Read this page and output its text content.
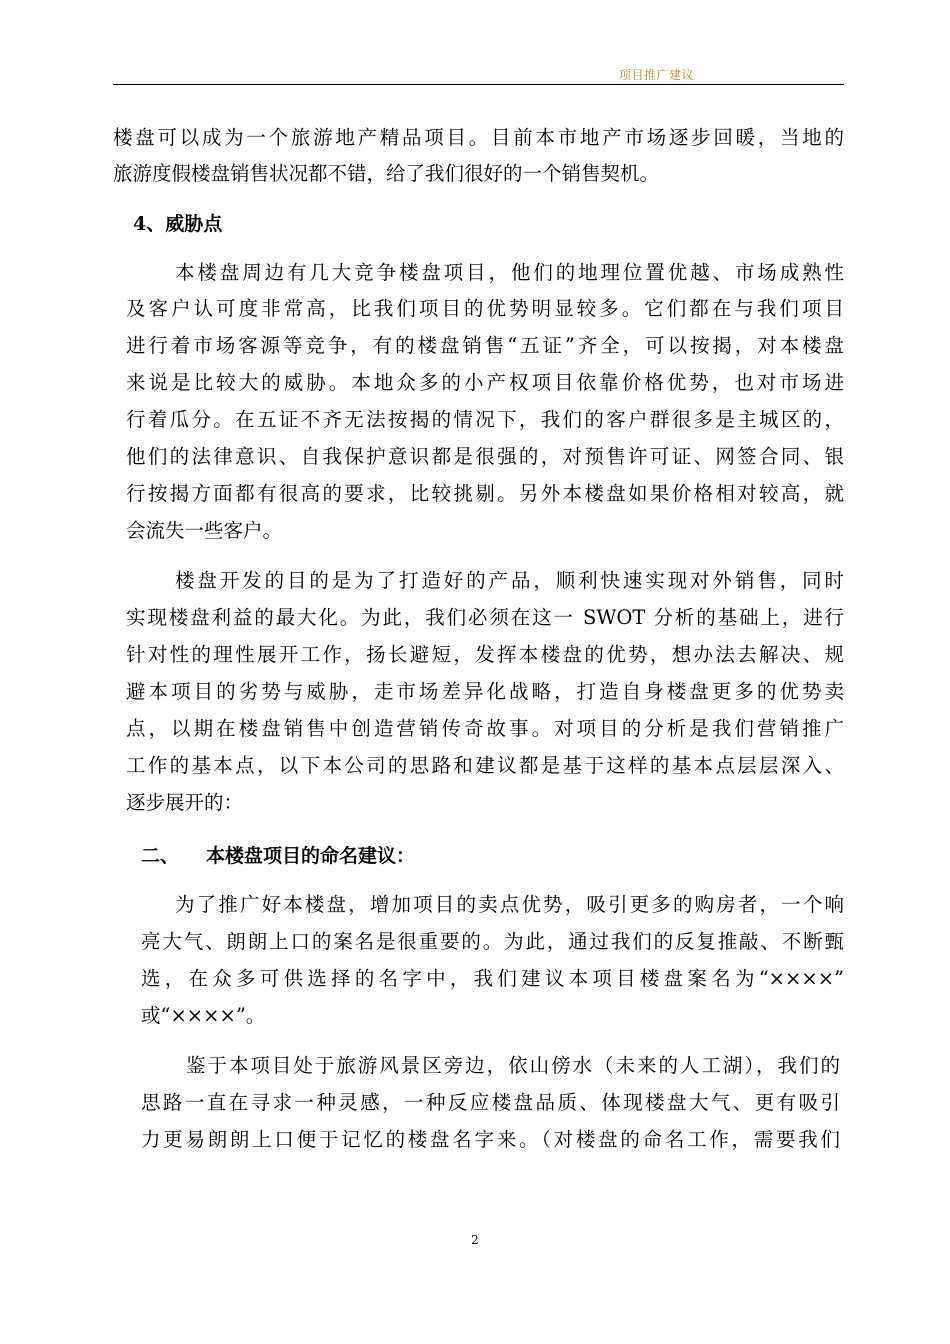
项目推广建议
楼盘可以成为一个旅游地产精品项目。目前本市地产市场逐步回暖，当地的
旅游度假楼盘销售状况都不错，给了我们很好的一个销售契机。
4、威胁点
本楼盘周边有几大竞争楼盘项目，他们的地理位置优越、市场成熟性
及客户认可度非常高，比我们项目的优势明显较多。它们都在与我们项目
进行着市场客源等竞争，有的楼盘销售“五证”齐全，可以按揭，对本楼盘
来说是比较大的威胁。本地众多的小产权项目依靠价格优势，也对市场进
行着瓜分。在五证不齐无法按揭的情况下，我们的客户群很多是主城区的，
他们的法律意识、自我保护意识都是很强的，对预售许可证、网签合同、银
行按揭方面都有很高的要求，比较挑剔。另外本楼盘如果价格相对较高，就
会流失一些客户。
楼盘开发的目的是为了打造好的产品，顺利快速实现对外销售，同时
实现楼盘利益的最大化。为此，我们必须在这一 SWOT 分析的基础上，进行
针对性的理性展开工作，扬长避短，发挥本楼盘的优势，想办法去解决、规
避本项目的劣势与威胁，走市场差异化战略，打造自身楼盘更多的优势卖
点，以期在楼盘销售中创造营销传奇故事。对项目的分析是我们营销推广
工作的基本点，以下本公司的思路和建议都是基于这样的基本点层层深入、
逐步展开的：
二、 本楼盘项目的命名建议：
为了推广好本楼盘，增加项目的卖点优势，吸引更多的购房者，一个响
亮大气、朗朗上口的案名是很重要的。为此，通过我们的反复推敲、不断甄
选，在众多可供选择的名字中，我们建议本项目楼盘案名为“××××”
或“××××”。
鉴于本项目处于旅游风景区旁边，依山傍水（未来的人工湖），我们的
思路一直在寻求一种灵感，一种反应楼盘品质、体现楼盘大气、更有吸引
力更易朗朗上口便于记忆的楼盘名字来。（对楼盘的命名工作，需要我们
2
